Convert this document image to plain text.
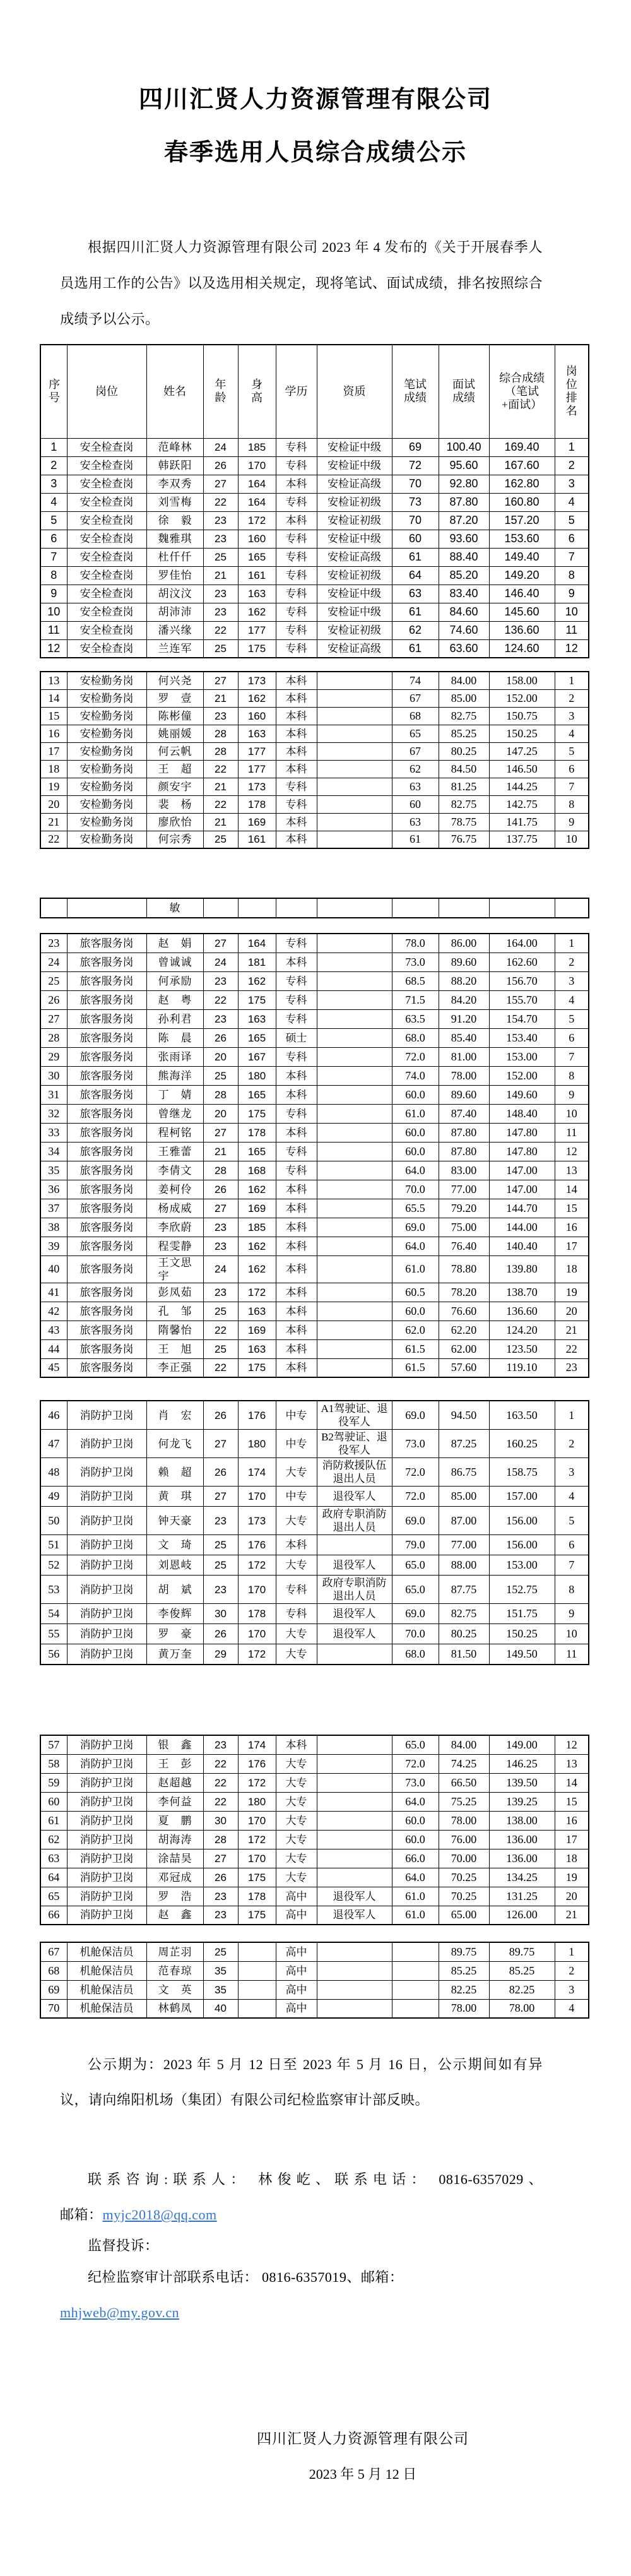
四川汇贤人力资源管理有限公司
春季选用人员综合成绩公示
根据四川汇贤人力资源管理有限公司 2023 年 4 发布的《关于开展春季人员选用工作的公告》以及选用相关规定，现将笔试、面试成绩，排名按照综合成绩予以公示。
序号	岗位	姓名	年龄	身高	学历	资质	笔试成绩	面试成绩	综合成绩（笔试+面试）	岗位排名
1	安全检查岗	范峰林	24	185	专科	安检证中级	69	100.40	169.40	1
2	安全检查岗	韩跃阳	26	170	专科	安检证中级	72	95.60	167.60	2
3	安全检查岗	李双秀	27	164	本科	安检证高级	70	92.80	162.80	3
4	安全检查岗	刘雪梅	22	164	专科	安检证初级	73	87.80	160.80	4
5	安全检查岗	徐毅	23	172	本科	安检证初级	70	87.20	157.20	5
6	安全检查岗	魏雅琪	23	160	专科	安检证中级	60	93.60	153.60	6
7	安全检查岗	杜仟仟	25	165	专科	安检证高级	61	88.40	149.40	7
8	安全检查岗	罗佳怡	21	161	专科	安检证初级	64	85.20	149.20	8
9	安全检查岗	胡汶汶	23	163	专科	安检证中级	63	83.40	146.40	9
10	安全检查岗	胡沛沛	23	162	专科	安检证中级	61	84.60	145.60	10
11	安全检查岗	潘兴缘	22	177	专科	安检证初级	62	74.60	136.60	11
12	安全检查岗	兰连军	25	175	专科	安检证高级	61	63.60	124.60	12
13	安检勤务岗	何兴尧	27	173	本科		74	84.00	158.00	1
14	安检勤务岗	罗壹	21	162	本科		67	85.00	152.00	2
15	安检勤务岗	陈彬僮	23	160	本科		68	82.75	150.75	3
16	安检勤务岗	姚丽媛	28	163	本科		65	85.25	150.25	4
17	安检勤务岗	何云帆	28	177	本科		67	80.25	147.25	5
18	安检勤务岗	王超	22	177	本科		62	84.50	146.50	6
19	安检勤务岗	颜安宇	21	173	专科		63	81.25	144.25	7
20	安检勤务岗	裴杨	22	178	专科		60	82.75	142.75	8
21	安检勤务岗	廖欣怡	21	169	本科		63	78.75	141.75	9
22	安检勤务岗	何宗秀	25	161	本科		61	76.75	137.75	10
		敏								
23	旅客服务岗	赵娟	27	164	专科		78.0	86.00	164.00	1
24	旅客服务岗	曾诚诚	24	181	本科		73.0	89.60	162.60	2
25	旅客服务岗	何承励	23	162	专科		68.5	88.20	156.70	3
26	旅客服务岗	赵粤	22	175	专科		71.5	84.20	155.70	4
27	旅客服务岗	孙利君	23	163	专科		63.5	91.20	154.70	5
28	旅客服务岗	陈晨	26	165	硕士		68.0	85.40	153.40	6
29	旅客服务岗	张雨译	20	167	专科		72.0	81.00	153.00	7
30	旅客服务岗	熊海洋	25	180	本科		74.0	78.00	152.00	8
31	旅客服务岗	丁婧	28	165	本科		60.0	89.60	149.60	9
32	旅客服务岗	曾继龙	20	175	专科		61.0	87.40	148.40	10
33	旅客服务岗	程柯铭	27	178	本科		60.0	87.80	147.80	11
34	旅客服务岗	王雅蕾	21	165	专科		60.0	87.80	147.80	12
35	旅客服务岗	李倩文	28	168	专科		64.0	83.00	147.00	13
36	旅客服务岗	姜柯伶	26	162	本科		70.0	77.00	147.00	14
37	旅客服务岗	杨成威	27	169	本科		65.5	79.20	144.70	15
38	旅客服务岗	李欣蔚	23	185	本科		69.0	75.00	144.00	16
39	旅客服务岗	程雯静	23	162	本科		64.0	76.40	140.40	17
40	旅客服务岗	王文思宇	24	162	本科		61.0	78.80	139.80	18
41	旅客服务岗	彭凤茹	23	172	本科		60.5	78.20	138.70	19
42	旅客服务岗	孔邹	25	163	本科		60.0	76.60	136.60	20
43	旅客服务岗	隋馨怡	22	169	本科		62.0	62.20	124.20	21
44	旅客服务岗	王旭	25	163	本科		61.5	62.00	123.50	22
45	旅客服务岗	李正强	22	175	本科		61.5	57.60	119.10	23
46	消防护卫岗	肖宏	26	176	中专	A1驾驶证、退役军人	69.0	94.50	163.50	1
47	消防护卫岗	何龙飞	27	180	中专	B2驾驶证、退役军人	73.0	87.25	160.25	2
48	消防护卫岗	赖超	26	174	大专	消防救援队伍退出人员	72.0	86.75	158.75	3
49	消防护卫岗	黄琪	27	170	中专	退役军人	72.0	85.00	157.00	4
50	消防护卫岗	钟天豪	23	173	大专	政府专职消防退出人员	69.0	87.00	156.00	5
51	消防护卫岗	文琦	25	176	本科		79.0	77.00	156.00	6
52	消防护卫岗	刘恩岐	25	172	大专	退役军人	65.0	88.00	153.00	7
53	消防护卫岗	胡斌	23	170	专科	政府专职消防退出人员	65.0	87.75	152.75	8
54	消防护卫岗	李俊辉	30	178	专科	退役军人	69.0	82.75	151.75	9
55	消防护卫岗	罗豪	26	170	大专	退役军人	70.0	80.25	150.25	10
56	消防护卫岗	黄万奎	29	172	大专		68.0	81.50	149.50	11
57	消防护卫岗	银鑫	23	174	本科		65.0	84.00	149.00	12
58	消防护卫岗	王彭	22	176	大专		72.0	74.25	146.25	13
59	消防护卫岗	赵超越	22	172	大专		73.0	66.50	139.50	14
60	消防护卫岗	李何益	22	180	大专		64.0	75.25	139.25	15
61	消防护卫岗	夏鹏	30	170	大专		60.0	78.00	138.00	16
62	消防护卫岗	胡海涛	28	172	大专		60.0	76.00	136.00	17
63	消防护卫岗	涂喆昊	27	170	大专		66.0	70.00	136.00	18
64	消防护卫岗	邓冠成	26	175	大专		64.0	70.25	134.25	19
65	消防护卫岗	罗浩	23	178	高中	退役军人	61.0	70.25	131.25	20
66	消防护卫岗	赵鑫	23	175	高中	退役军人	61.0	65.00	126.00	21
67	机舱保洁员	周芷羽	25		高中			89.75	89.75	1
68	机舱保洁员	范春琼	35		高中			85.25	85.25	2
69	机舱保洁员	文英	35		高中			82.25	82.25	3
70	机舱保洁员	林鹤凤	40		高中			78.00	78.00	4
公示期为：2023 年 5 月 12 日至 2023 年 5 月 16 日，公示期间如有异议，请向绵阳机场（集团）有限公司纪检监察审计部反映。
联系咨询:联系人： 林俊屹、联系电话： 0816-6357029、
邮箱：myjc2018@qq.com
监督投诉：
纪检监察审计部联系电话： 0816-6357019、邮箱：
mhjweb@my.gov.cn
四川汇贤人力资源管理有限公司
2023 年 5 月 12 日
